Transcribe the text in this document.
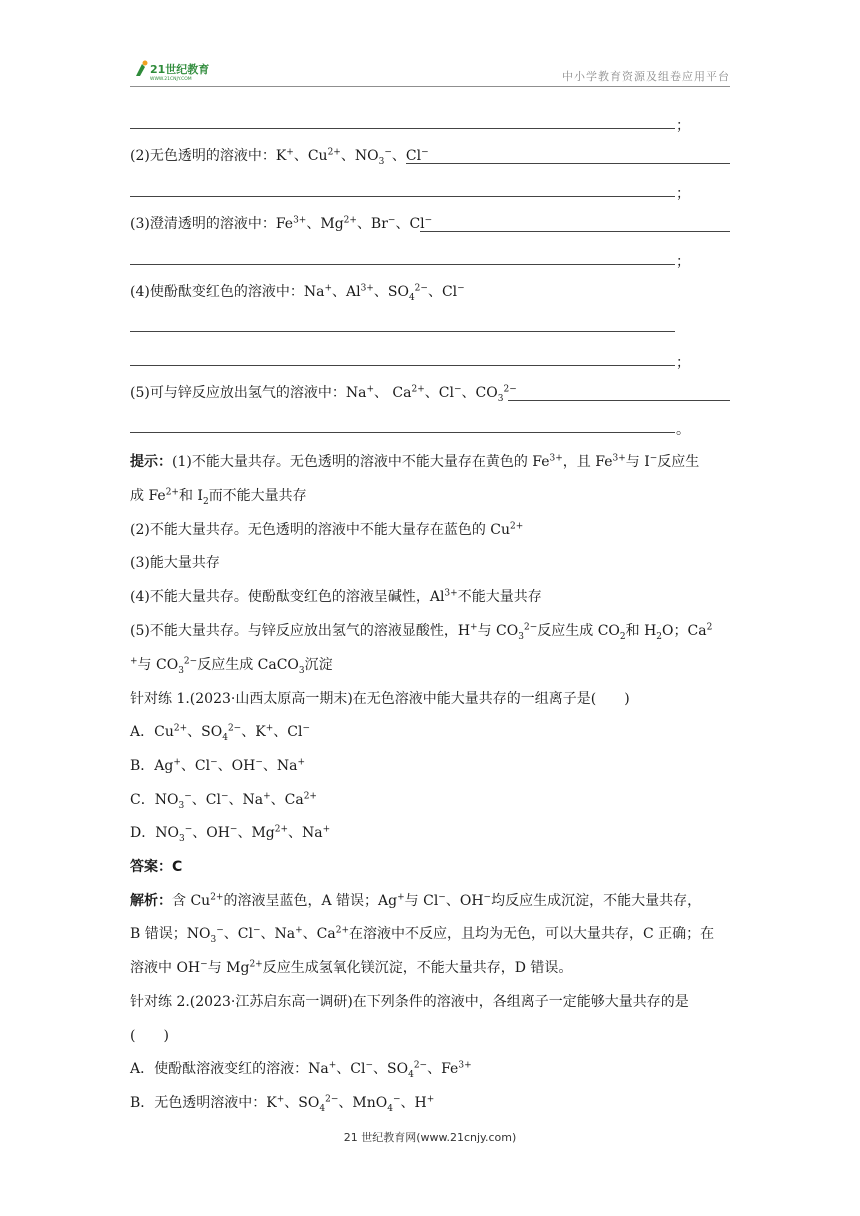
21世纪教育
WWW.21CNJY.COM	中小学教育资源及组卷应用平台
；
(2)无色透明的溶液中：K+、$Cu^{2+}$、$NO_3^-$、Cl−
；
(3)澄清透明的溶液中：$Fe^{3+}$、$Mg^{2+}$、Br−、Cl−
；
(4)使酚酞变红色的溶液中：Na+、$Al^{3+}$、$SO_4^{2-}$、Cl−
；
(5)可与锌反应放出氢气的溶液中：Na+、 $Ca^{2+}$、Cl−、$CO_3^{2-}$
。
提示：(1)不能大量共存。无色透明的溶液中不能大量存在黄色的 $Fe^{3+}$，且 $Fe^{3+}$与 I−反应生
成 $Fe^{2+}$和 $I_2$而不能大量共存
(2)不能大量共存。无色透明的溶液中不能大量存在蓝色的 $Cu^{2+}$
(3)能大量共存
(4)不能大量共存。使酚酞变红色的溶液呈碱性，$Al^{3+}$不能大量共存
(5)不能大量共存。与锌反应放出氢气的溶液显酸性，H+与 $CO_3^{2-}$反应生成 $CO_2$和 $H_2O$；Ca$^2$
+与 $CO_3^{2-}$反应生成 CaCO$_3$沉淀
针对练 1.(2023·山西太原高一期末)在无色溶液中能大量共存的一组离子是(　　)
A．$Cu^{2+}$、$SO_4^{2-}$、K+、Cl−
B．Ag+、Cl−、OH−、Na+
C．$NO_3^-$、Cl−、Na+、$Ca^{2+}$
D．$NO_3^-$、OH−、$Mg^{2+}$、Na+
答案：C
解析：含 $Cu^{2+}$的溶液呈蓝色，A 错误；Ag+与 Cl−、OH−均反应生成沉淀，不能大量共存，
B 错误；$NO_3^-$、Cl−、Na+、$Ca^{2+}$在溶液中不反应，且均为无色，可以大量共存，C 正确；在
溶液中 OH−与 $Mg^{2+}$反应生成氢氧化镁沉淀，不能大量共存，D 错误。
针对练 2.(2023·江苏启东高一调研)在下列条件的溶液中，各组离子一定能够大量共存的是
(　　)
A．使酚酞溶液变红的溶液：Na+、Cl−、$SO_4^{2-}$、$Fe^{3+}$
B．无色透明溶液中：K+、$SO_4^{2-}$、MnO$_4$−、H+
21 世纪教育网(www.21cnjy.com)
